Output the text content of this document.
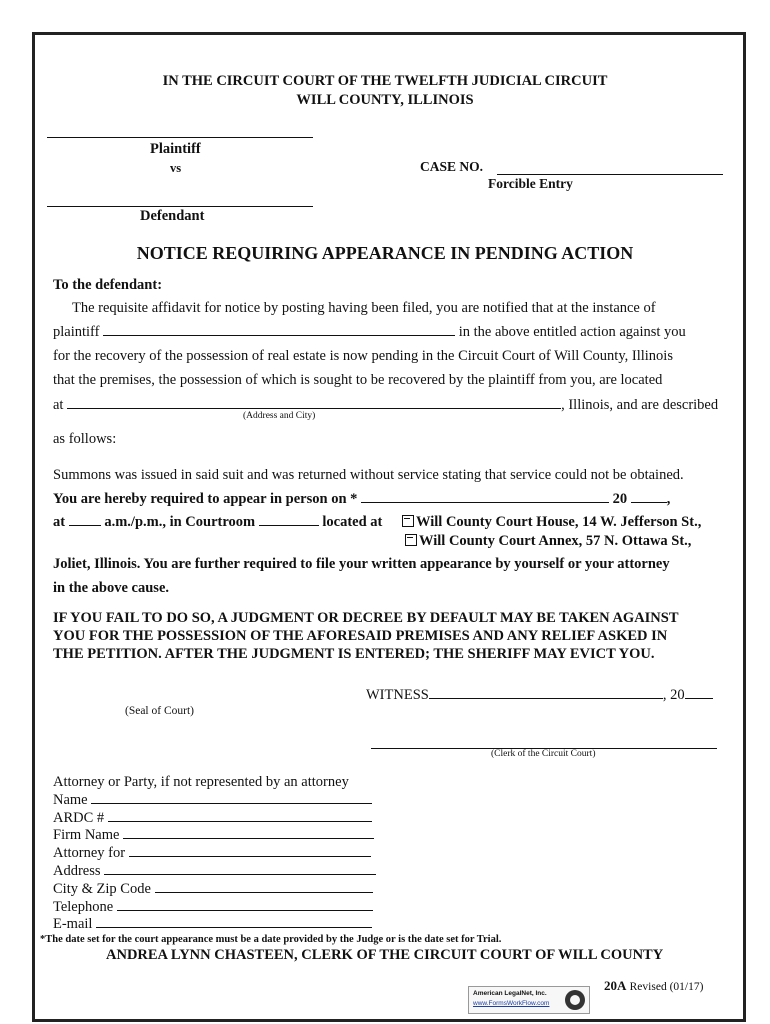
IN THE CIRCUIT COURT OF THE TWELFTH JUDICIAL CIRCUIT
WILL COUNTY, ILLINOIS
Plaintiff
vs	CASE NO.
Forcible Entry
Defendant
NOTICE REQUIRING APPEARANCE IN PENDING ACTION
To the defendant:
The requisite affidavit for notice by posting having been filed, you are notified that at the instance of
plaintiff	in the above entitled action against you
for the recovery of the possession of real estate is now pending in the Circuit Court of Will County, Illinois
that the premises, the possession of which is sought to be recovered by the plaintiff from you, are located
at	, Illinois, and are described
(Address and City)
as follows:
Summons was issued in said suit and was returned without service stating that service could not be obtained.
You are hereby required to appear in person on *	20	,
at	a.m./p.m., in Courtroom	located at	Will County Court House, 14 W. Jefferson St.,
Will County Court Annex, 57 N. Ottawa St.,
Joliet, Illinois. You are further required to file your written appearance by yourself or your attorney
in the above cause.
IF YOU FAIL TO DO SO, A JUDGMENT OR DECREE BY DEFAULT MAY BE TAKEN AGAINST
YOU FOR THE POSSESSION OF THE AFORESAID PREMISES AND ANY RELIEF ASKED IN
THE PETITION. AFTER THE JUDGMENT IS ENTERED; THE SHERIFF MAY EVICT YOU.
WITNESS	, 20
(Seal of Court)
(Clerk of the Circuit Court)
Attorney or Party, if not represented by an attorney
Name
ARDC #
Firm Name
Attorney for
Address
City & Zip Code
Telephone
E-mail
*The date set for the court appearance must be a date provided by the Judge or is the date set for Trial.
ANDREA LYNN CHASTEEN, CLERK OF THE CIRCUIT COURT OF WILL COUNTY
20A Revised (01/17)
American LegalNet, Inc.
www.FormsWorkFlow.com
